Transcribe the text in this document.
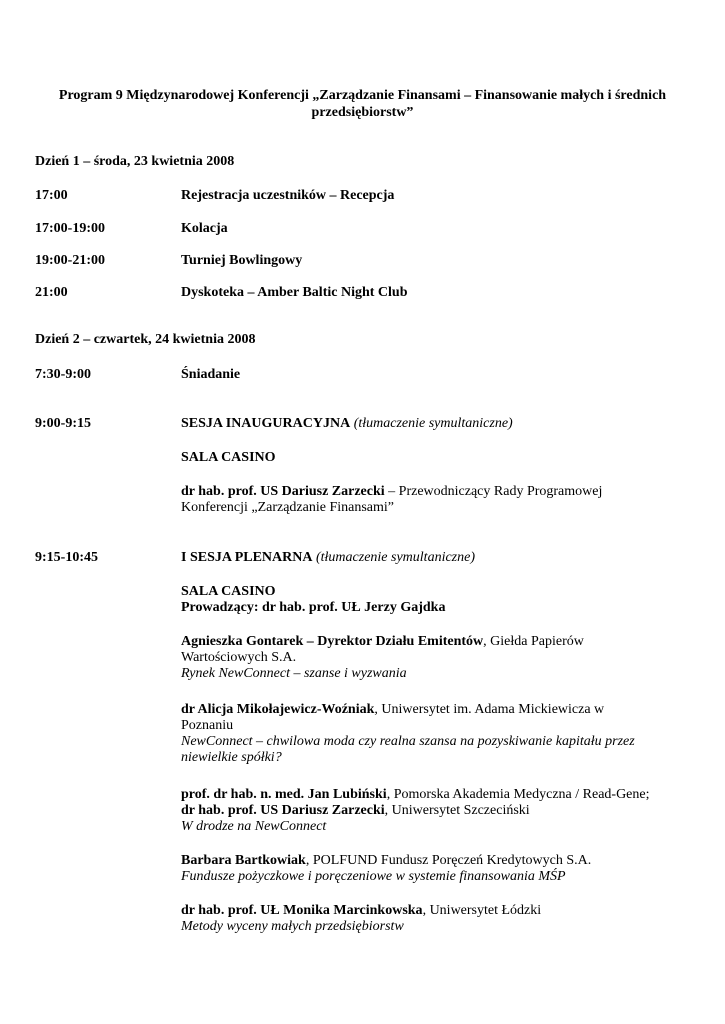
Program 9 Międzynarodowej Konferencji „Zarządzanie Finansami – Finansowanie małych i średnich
przedsiębiorstw”
Dzień 1 – środa, 23 kwietnia 2008
17:00	Rejestracja uczestników – Recepcja
17:00-19:00	Kolacja
19:00-21:00	Turniej Bowlingowy
21:00	Dyskoteka – Amber Baltic Night Club
Dzień 2 – czwartek, 24 kwietnia 2008
7:30-9:00	Śniadanie
9:00-9:15	SESJA INAUGURACYJNA (tłumaczenie symultaniczne)
SALA CASINO
dr hab. prof. US Dariusz Zarzecki – Przewodniczący Rady Programowej
Konferencji „Zarządzanie Finansami”
9:15-10:45	I SESJA PLENARNA (tłumaczenie symultaniczne)
SALA CASINO
Prowadzący: dr hab. prof. UŁ Jerzy Gajdka
Agnieszka Gontarek – Dyrektor Działu Emitentów, Giełda Papierów
Wartościowych S.A.
Rynek NewConnect – szanse i wyzwania
dr Alicja Mikołajewicz-Woźniak, Uniwersytet im. Adama Mickiewicza w
Poznaniu
NewConnect – chwilowa moda czy realna szansa na pozyskiwanie kapitału przez
niewielkie spółki?
prof. dr hab. n. med. Jan Lubiński, Pomorska Akademia Medyczna / Read-Gene;
dr hab. prof. US Dariusz Zarzecki, Uniwersytet Szczeciński
W drodze na NewConnect
Barbara Bartkowiak, POLFUND Fundusz Poręczeń Kredytowych S.A.
Fundusze pożyczkowe i poręczeniowe w systemie finansowania MŚP
dr hab. prof. UŁ Monika Marcinkowska, Uniwersytet Łódzki
Metody wyceny małych przedsiębiorstw
